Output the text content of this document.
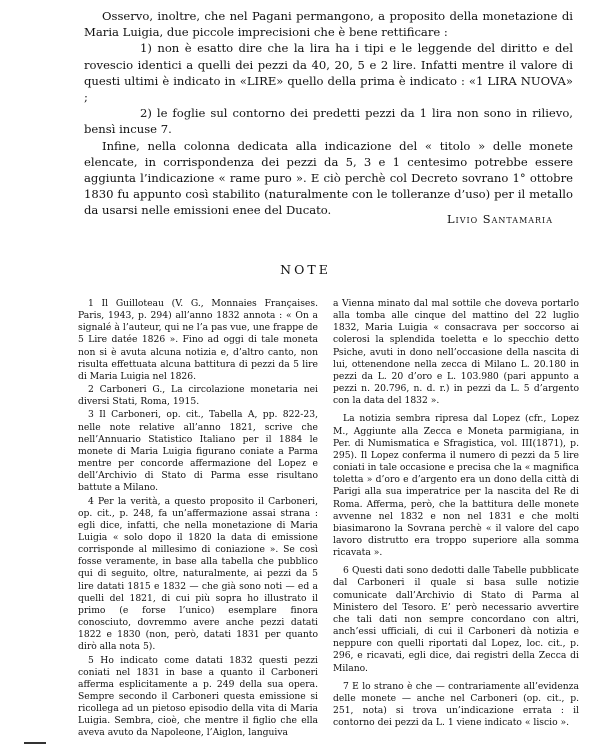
Osservo, inoltre, che nel Pagani permangono, a proposito della monetazione di Maria Luigia, due piccole imprecisioni che è bene rettificare :

1) non è esatto dire che la lira ha i tipi e le leggende del diritto e del rovescio identici a quelli dei pezzi da 40, 20, 5 e 2 lire. Infatti mentre il valore di questi ultimi è indicato in «LIRE» quello della prima è indicato : «1 LIRA NUOVA» ;

2) le foglie sul contorno dei predetti pezzi da 1 lira non sono in rilievo, bensì incuse 7.

Infine, nella colonna dedicata alla indicazione del « titolo » delle monete elencate, in corrispondenza dei pezzi da 5, 3 e 1 centesimo potrebbe essere aggiunta l’indicazione « rame puro ». E ciò perchè col Decreto sovrano 1° ottobre 1830 fu appunto così stabilito (naturalmente con le tolleranze d’uso) per il metallo da usarsi nelle emissioni enee del Ducato.

Livio Santamaria
NOTE

1 Il Guilloteau (V. G., Monnaies Françaises. Paris, 1943, p. 294) all’anno 1832 annota : « On a signalé à l’auteur, qui ne l’a pas vue, une frappe de 5 Lire datée 1826 ». Fino ad oggi di tale moneta non si è avuta alcuna notizia e, d’altro canto, non risulta effettuata alcuna battitura di pezzi da 5 lire di Maria Luigia nel 1826.

2 Carboneri G., La circolazione monetaria nei diversi Stati, Roma, 1915.

3 Il Carboneri, op. cit., Tabella A, pp. 822-23, nelle note relative all’anno 1821, scrive che nell’Annuario Statistico Italiano per il 1884 le monete di Maria Luigia figurano coniate a Parma mentre per concorde affermazione del Lopez e dell’Archivio di Stato di Parma esse risultano battute a Milano.

4 Per la verità, a questo proposito il Carboneri, op. cit., p. 248, fa un’affermazione assai strana : egli dice, infatti, che nella monetazione di Maria Luigia « solo dopo il 1820 la data di emissione corrisponde al millesimo di coniazione ». Se così fosse veramente, in base alla tabella che pubblico qui di seguito, oltre, naturalmente, ai pezzi da 5 lire datati 1815 e 1832 — che già sono noti — ed a quelli del 1821, di cui più sopra ho illustrato il primo (e forse l’unico) esemplare finora conosciuto, dovremmo avere anche pezzi datati 1822 e 1830 (non, però, datati 1831 per quanto dirò alla nota 5).

5 Ho indicato come datati 1832 questi pezzi coniati nel 1831 in base a quanto il Carboneri afferma esplicitamente a p. 249 della sua opera. Sempre secondo il Carboneri questa emissione si ricollega ad un pietoso episodio della vita di Maria Luigia. Sembra, cioè, che mentre il figlio che ella aveva avuto da Napoleone, l’Aiglon, languiva

a Vienna minato dal mal sottile che doveva portarlo alla tomba alle cinque del mattino del 22 luglio 1832, Maria Luigia « consacrava per soccorso ai colerosi la splendida toeletta e lo specchio detto Psiche, avuti in dono nell’occasione della nascita di lui, ottenendone nella zecca di Milano L. 20.180 in pezzi da L. 20 d’oro e L. 103.980 (pari appunto a pezzi n. 20.796, n. d. r.) in pezzi da L. 5 d’argento con la data del 1832 ».

La notizia sembra ripresa dal Lopez (cfr., Lopez M., Aggiunte alla Zecca e Moneta parmigiana, in Per. di Numismatica e Sfragistica, vol. III(1871), p. 295). Il Lopez conferma il numero di pezzi da 5 lire coniati in tale occasione e precisa che la « magnifica toletta » d’oro e d’argento era un dono della città di Parigi alla sua imperatrice per la nascita del Re di Roma. Afferma, però, che la battitura delle monete avvenne nel 1832 e non nel 1831 e che molti biasimarono la Sovrana perchè « il valore del capo lavoro distrutto era troppo superiore alla somma ricavata ».

6 Questi dati sono dedotti dalle Tabelle pubblicate dal Carboneri il quale si basa sulle notizie comunicate dall’Archivio di Stato di Parma al Ministero del Tesoro. E’ però necessario avvertire che tali dati non sempre concordano con altri, anch’essi ufficiali, di cui il Carboneri dà notizia e neppure con quelli riportati dal Lopez, loc. cit., p. 296, e ricavati, egli dice, dai registri della Zecca di Milano.

7 E lo strano è che — contrariamente all’evidenza delle monete — anche nel Carboneri (op. cit., p. 251, nota) si trova un’indicazione errata : il contorno dei pezzi da L. 1 viene indicato « liscio ».
